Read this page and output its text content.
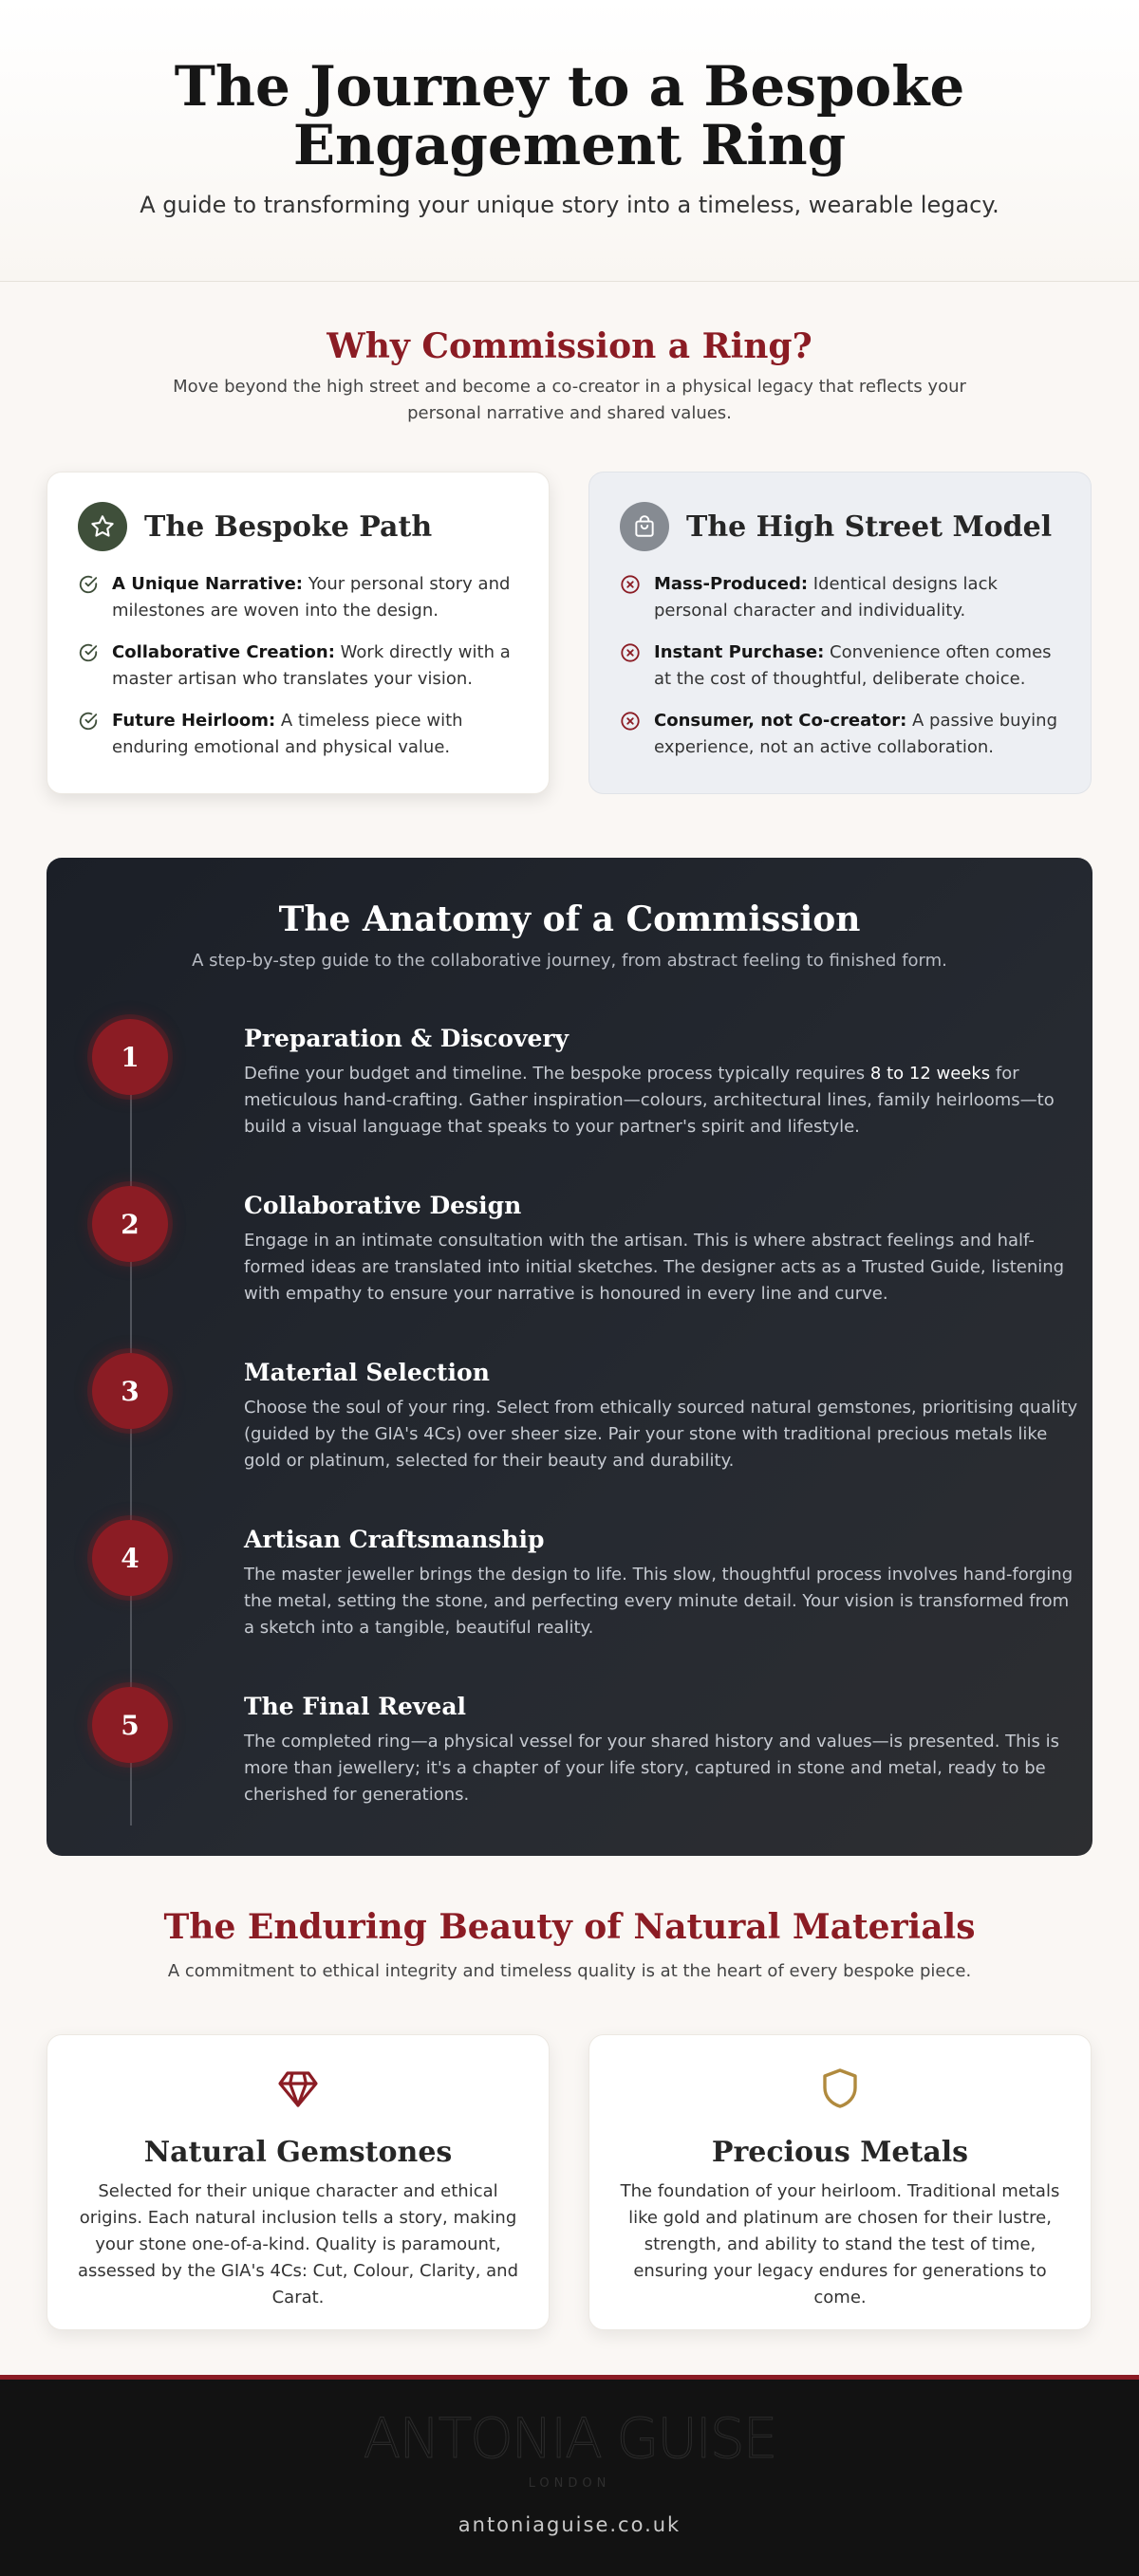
The Journey to a Bespoke Engagement Ring

A guide to transforming your unique story into a timeless, wearable legacy.

Why Commission a Ring?

Move beyond the high street and become a co-creator in a physical legacy that reflects your personal narrative and shared values.

The Bespoke Path
A Unique Narrative: Your personal story and milestones are woven into the design.
Collaborative Creation: Work directly with a master artisan who translates your vision.
Future Heirloom: A timeless piece with enduring emotional and physical value.
The High Street Model
Mass-Produced: Identical designs lack personal character and individuality.
Instant Purchase: Convenience often comes at the cost of thoughtful, deliberate choice.
Consumer, not Co-creator: A passive buying experience, not an active collaboration.
The Anatomy of a Commission

A step-by-step guide to the collaborative journey, from abstract feeling to finished form.

1
Preparation & Discovery
Define your budget and timeline. The bespoke process typically requires 8 to 12 weeks for meticulous hand-crafting. Gather inspiration—colours, architectural lines, family heirlooms—to build a visual language that speaks to your partner's spirit and lifestyle.
2
Collaborative Design
Engage in an intimate consultation with the artisan. This is where abstract feelings and half-formed ideas are translated into initial sketches. The designer acts as a Trusted Guide, listening with empathy to ensure your narrative is honoured in every line and curve.
3
Material Selection
Choose the soul of your ring. Select from ethically sourced natural gemstones, prioritising quality (guided by the GIA's 4Cs) over sheer size. Pair your stone with traditional precious metals like gold or platinum, selected for their beauty and durability.
4
Artisan Craftsmanship
The master jeweller brings the design to life. This slow, thoughtful process involves hand-forging the metal, setting the stone, and perfecting every minute detail. Your vision is transformed from a sketch into a tangible, beautiful reality.
5
The Final Reveal
The completed ring—a physical vessel for your shared history and values—is presented. This is more than jewellery; it's a chapter of your life story, captured in stone and metal, ready to be cherished for generations.
The Enduring Beauty of Natural Materials

A commitment to ethical integrity and timeless quality is at the heart of every bespoke piece.

Natural Gemstones
Selected for their unique character and ethical origins. Each natural inclusion tells a story, making your stone one-of-a-kind. Quality is paramount, assessed by the GIA's 4Cs: Cut, Colour, Clarity, and Carat.
Precious Metals
The foundation of your heirloom. Traditional metals like gold and platinum are chosen for their lustre, strength, and ability to stand the test of time, ensuring your legacy endures for generations to come.
ANTONIA GUISE
LONDON
antoniaguise.co.uk
